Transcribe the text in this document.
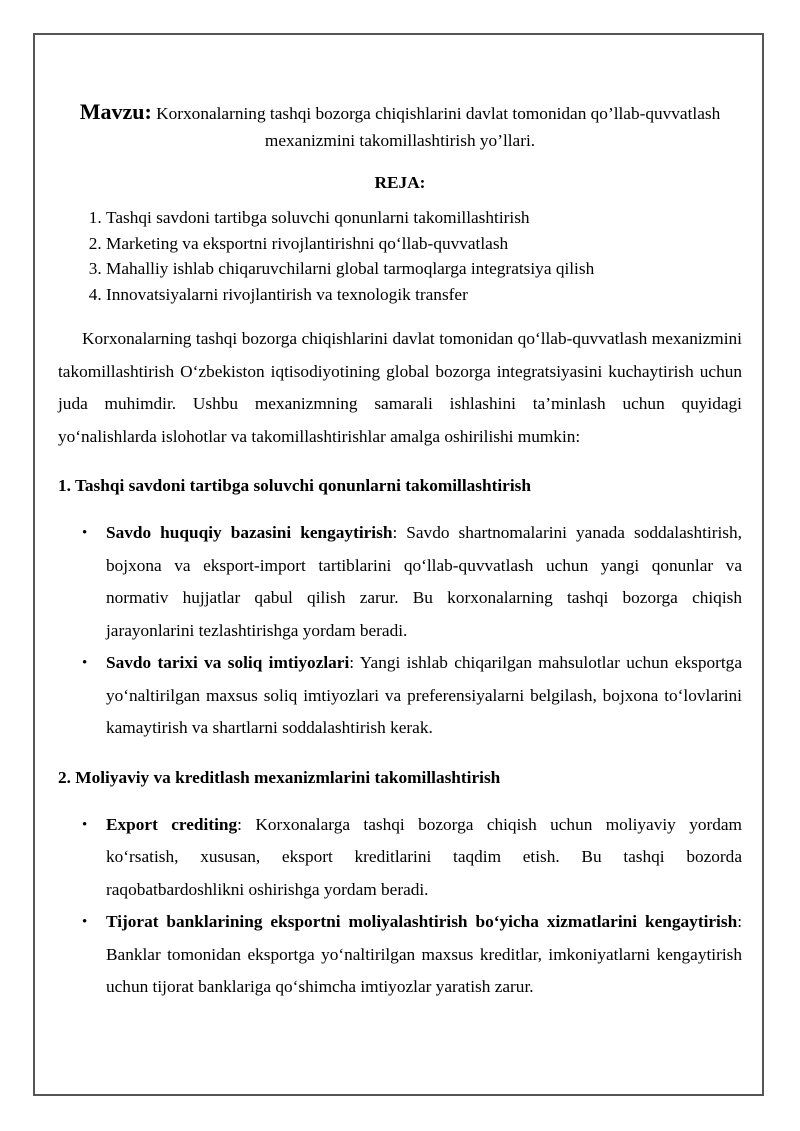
Mavzu: Korxonalarning tashqi bozorga chiqishlarini davlat tomonidan qo’llab-quvvatlash mexanizmini takomillashtirish yo’llari.
REJA:
1. Tashqi savdoni tartibga soluvchi qonunlarni takomillashtirish
2. Marketing va eksportni rivojlantirishni qo‘llab-quvvatlash
3. Mahalliy ishlab chiqaruvchilarni global tarmoqlarga integratsiya qilish
4. Innovatsiyalarni rivojlantirish va texnologik transfer
Korxonalarning tashqi bozorga chiqishlarini davlat tomonidan qo‘llab-quvvatlash mexanizmini takomillashtirish O‘zbekiston iqtisodiyotining global bozorga integratsiyasini kuchaytirish uchun juda muhimdir. Ushbu mexanizmning samarali ishlashini ta’minlash uchun quyidagi yo‘nalishlarda islohotlar va takomillashtirishlar amalga oshirilishi mumkin:
1. Tashqi savdoni tartibga soluvchi qonunlarni takomillashtirish
• Savdo huquqiy bazasini kengaytirish: Savdo shartnomalarini yanada soddalashtirish, bojxona va eksport-import tartiblarini qo‘llab-quvvatlash uchun yangi qonunlar va normativ hujjatlar qabul qilish zarur. Bu korxonalarning tashqi bozorga chiqish jarayonlarini tezlashtirishga yordam beradi.
• Savdo tarixi va soliq imtiyozlari: Yangi ishlab chiqarilgan mahsulotlar uchun eksportga yo‘naltirilgan maxsus soliq imtiyozlari va preferensiyalarni belgilash, bojxona to‘lovlarini kamaytirish va shartlarni soddalashtirish kerak.
2. Moliyaviy va kreditlash mexanizmlarini takomillashtirish
• Export crediting: Korxonalarga tashqi bozorga chiqish uchun moliyaviy yordam ko‘rsatish, xususan, eksport kreditlarini taqdim etish. Bu tashqi bozorda raqobatbardoshlikni oshirishga yordam beradi.
• Tijorat banklarining eksportni moliyalashtirish bo‘yicha xizmatlarini kengaytirish: Banklar tomonidan eksportga yo‘naltirilgan maxsus kreditlar, imkoniyatlarni kengaytirish uchun tijorat banklariga qo‘shimcha imtiyozlar yaratish zarur.
